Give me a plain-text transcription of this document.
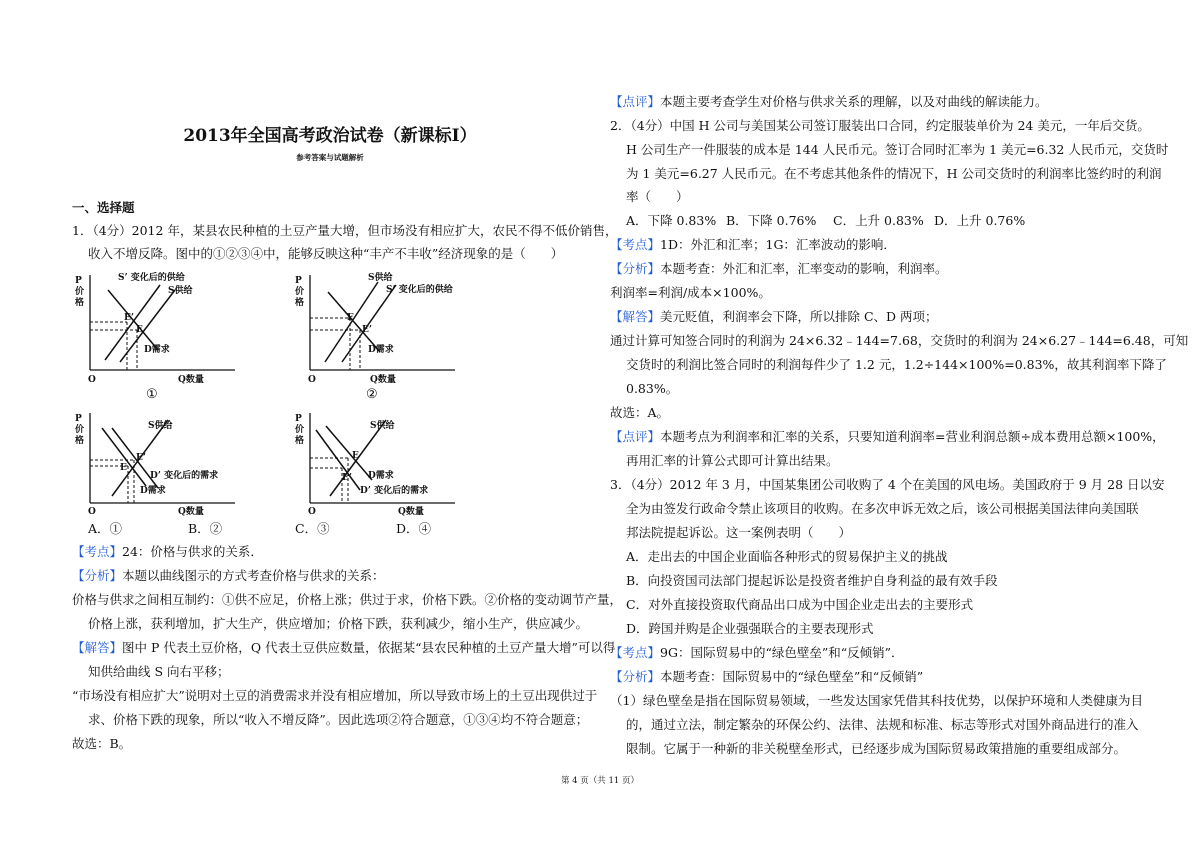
2013年全国高考政治试卷（新课标Ⅰ）
参考答案与试题解析
一、选择题
1．（4分）2012 年，某县农民种植的土豆产量大增，但市场没有相应扩大，农民不得不低价销售，
收入不增反降。图中的①②③④中，能够反映这种“丰产不丰收”经济现象的是（　　）
P
价
格
S’ 变化后的供给
S供给
E’
E
D需求
O	Q数量
①
P
价
格
S供给
S’ 变化后的供给
E
E’
D需求
O	Q数量
②
P
价
格
S供给
E’
E
D’ 变化后的需求
D需求
O	Q数量
P
价
格
S供给
E
D需求
E’
D’ 变化后的需求
O	Q数量
A．①	B．②	C．③	D．④
【考点】24：价格与供求的关系．
【分析】本题以曲线图示的方式考查价格与供求的关系：
价格与供求之间相互制约：①供不应足，价格上涨；供过于求，价格下跌。②价格的变动调节产量，
价格上涨，获利增加，扩大生产，供应增加；价格下跌，获利减少，缩小生产，供应减少。
【解答】图中 P 代表土豆价格，Q 代表土豆供应数量，依据某“县农民种植的土豆产量大增”可以得
知供给曲线 S 向右平移；
“市场没有相应扩大”说明对土豆的消费需求并没有相应增加，所以导致市场上的土豆出现供过于
求、价格下跌的现象，所以“收入不增反降”。因此选项②符合题意，①③④均不符合题意；
故选：B。
【点评】本题主要考查学生对价格与供求关系的理解，以及对曲线的解读能力。
2．（4分）中国 H 公司与美国某公司签订服装出口合同，约定服装单价为 24 美元，一年后交货。
H 公司生产一件服装的成本是 144 人民币元。签订合同时汇率为 1 美元=6.32 人民币元，交货时
为 1 美元=6.27 人民币元。在不考虑其他条件的情况下，H 公司交货时的利润率比签约时的利润
率（　　）
A．下降 0.83% B．下降 0.76% C．上升 0.83% D．上升 0.76%
【考点】1D：外汇和汇率；1G：汇率波动的影响．
【分析】本题考查：外汇和汇率，汇率变动的影响，利润率。
利润率=利润/成本×100%。
【解答】美元贬值，利润率会下降，所以排除 C、D 两项；
通过计算可知签合同时的利润为 24×6.32﹣144=7.68，交货时的利润为 24×6.27﹣144=6.48，可知
交货时的利润比签合同时的利润每件少了 1.2 元，1.2÷144×100%=0.83%，故其利润率下降了
0.83%。
故选：A。
【点评】本题考点为利润率和汇率的关系，只要知道利润率=营业利润总额÷成本费用总额×100%，
再用汇率的计算公式即可计算出结果。
3．（4分）2012 年 3 月，中国某集团公司收购了 4 个在美国的风电场。美国政府于 9 月 28 日以安
全为由签发行政命令禁止该项目的收购。在多次申诉无效之后，该公司根据美国法律向美国联
邦法院提起诉讼。这一案例表明（　　）
A．走出去的中国企业面临各种形式的贸易保护主义的挑战
B．向投资国司法部门提起诉讼是投资者维护自身利益的最有效手段
C．对外直接投资取代商品出口成为中国企业走出去的主要形式
D．跨国并购是企业强强联合的主要表现形式
【考点】9G：国际贸易中的“绿色壁垒”和“反倾销”．
【分析】本题考查：国际贸易中的“绿色壁垒”和“反倾销”
（1）绿色壁垒是指在国际贸易领域，一些发达国家凭借其科技优势，以保护环境和人类健康为目
的，通过立法，制定繁杂的环保公约、法律、法规和标准、标志等形式对国外商品进行的准入
限制。它属于一种新的非关税壁垒形式，已经逐步成为国际贸易政策措施的重要组成部分。
第 4 页（共 11 页）
